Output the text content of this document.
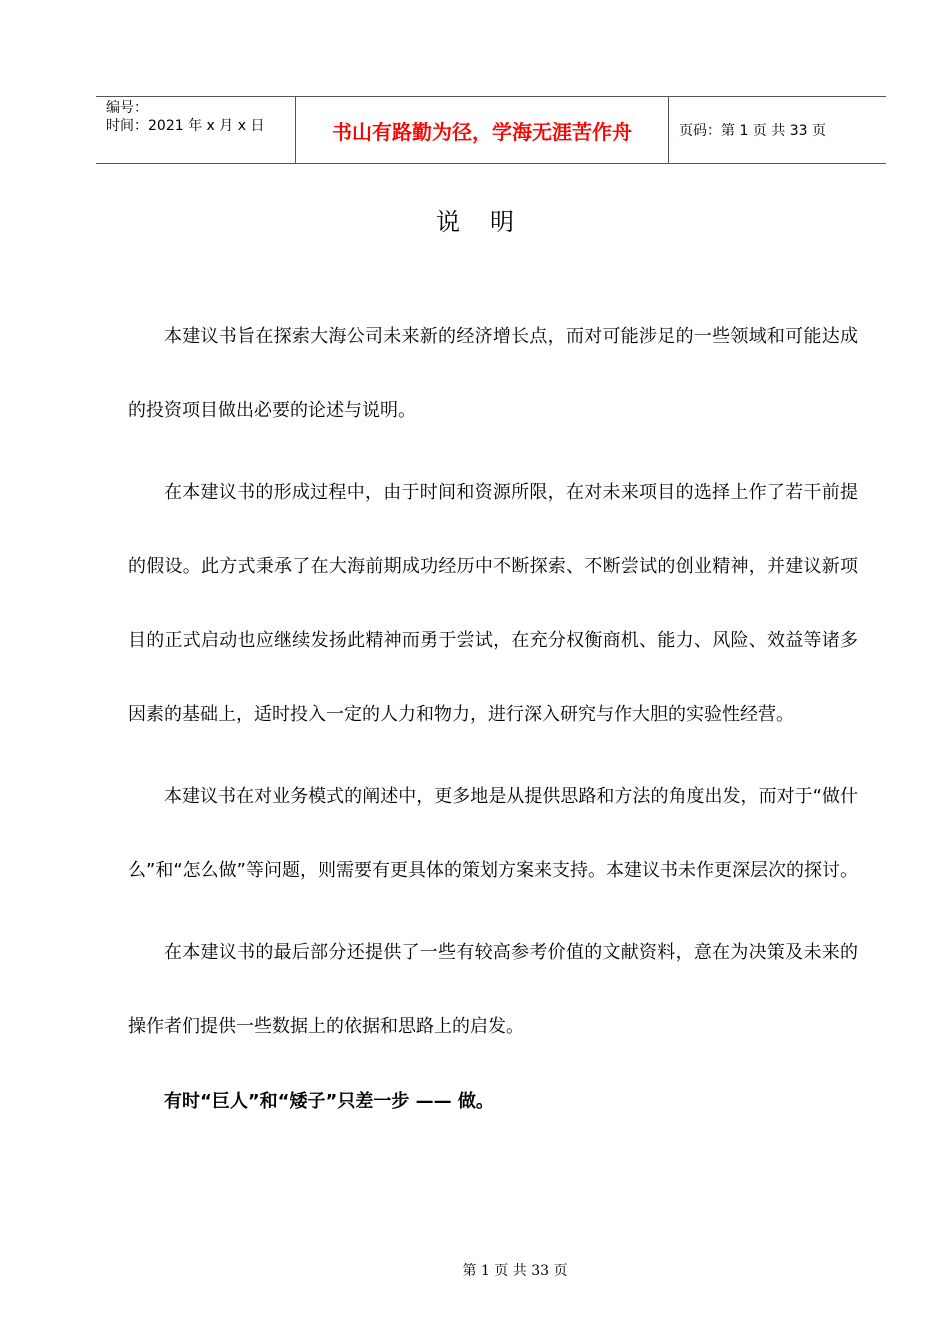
编号：
时间：2021 年 x 月 x 日	书山有路勤为径，学海无涯苦作舟	页码：第 1 页 共 33 页
说明

本建议书旨在探索大海公司未来新的经济增长点，而对可能涉足的一些领域和可能达成的投资项目做出必要的论述与说明。

在本建议书的形成过程中，由于时间和资源所限，在对未来项目的选择上作了若干前提的假设。此方式秉承了在大海前期成功经历中不断探索、不断尝试的创业精神，并建议新项目的正式启动也应继续发扬此精神而勇于尝试，在充分权衡商机、能力、风险、效益等诸多因素的基础上，适时投入一定的人力和物力，进行深入研究与作大胆的实验性经营。

本建议书在对业务模式的阐述中，更多地是从提供思路和方法的角度出发，而对于“做什么”和“怎么做”等问题，则需要有更具体的策划方案来支持。本建议书未作更深层次的探讨。

在本建议书的最后部分还提供了一些有较高参考价值的文献资料，意在为决策及未来的操作者们提供一些数据上的依据和思路上的启发。

有时“巨人”和“矮子”只差一步 —— 做。

第 1 页 共 33 页
